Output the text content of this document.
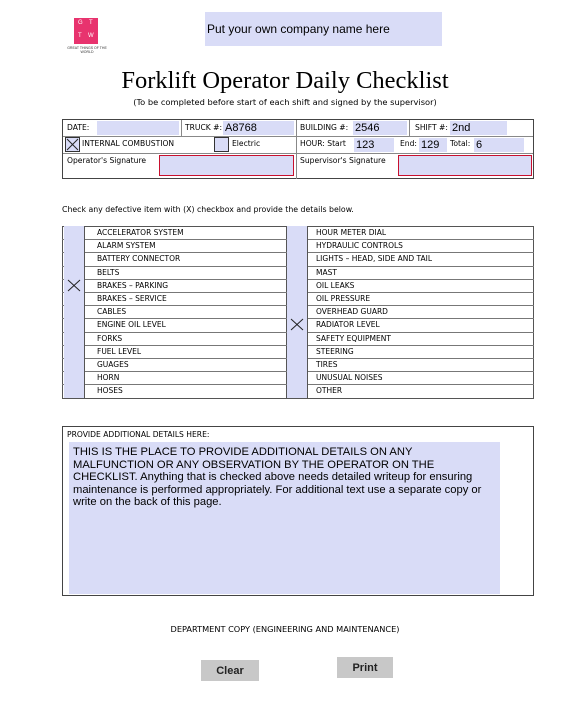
G T
T W
GREAT THINGS OF THE WORLD
Put your own company name here
Forklift Operator Daily Checklist
(To be completed before start of each shift and signed by the supervisor)
DATE:	TRUCK #: A8768	BUILDING #: 2546	SHIFT #: 2nd
INTERNAL COMBUSTION	Electric	HOUR: Start 123	End: 129	Total: 6
Operator's Signature	Supervisor's Signature
Check any defective item with (X) checkbox and provide the details below.
ACCELERATOR SYSTEM
ALARM SYSTEM
BATTERY CONNECTOR
BELTS
BRAKES – PARKING
BRAKES – SERVICE
CABLES
ENGINE OIL LEVEL
FORKS
FUEL LEVEL
GUAGES
HORN
HOSES
HOUR METER DIAL
HYDRAULIC CONTROLS
LIGHTS – HEAD, SIDE AND TAIL
MAST
OIL LEAKS
OIL PRESSURE
OVERHEAD GUARD
RADIATOR LEVEL
SAFETY EQUIPMENT
STEERING
TIRES
UNUSUAL NOISES
OTHER
PROVIDE ADDITIONAL DETAILS HERE:

THIS IS THE PLACE TO PROVIDE ADDITIONAL DETAILS ON ANY MALFUNCTION OR ANY OBSERVATION BY THE OPERATOR ON THE CHECKLIST. Anything that is checked above needs detailed writeup for ensuring maintenance is performed appropriately. For additional text use a separate copy or write on the back of this page.

DEPARTMENT COPY (ENGINEERING AND MAINTENANCE)
Clear	Print
